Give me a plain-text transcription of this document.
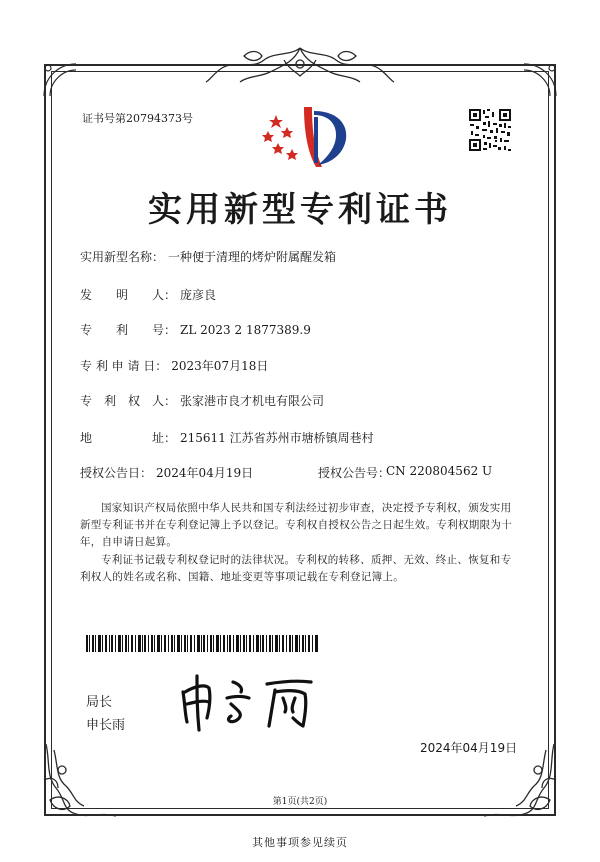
证书号第20794373号
实用新型专利证书
实用新型名称： 一种便于清理的烤炉附属醒发箱
发　　明　　人： 庞彦良
专　　利　　号： ZL 2023 2 1877389.9
专 利 申 请 日： 2023年07月18日
专　利　权　人： 张家港市良才机电有限公司
地　　　　　址： 215611 江苏省苏州市塘桥镇周巷村
授权公告日： 2024年04月19日	授权公告号：
CN 220804562 U
国家知识产权局依照中华人民共和国专利法经过初步审查，决定授予专利权，颁发实用新型专利证书并在专利登记簿上予以登记。专利权自授权公告之日起生效。专利权期限为十年，自申请日起算。
专利证书记载专利权登记时的法律状况。专利权的转移、质押、无效、终止、恢复和专利权人的姓名或名称、国籍、地址变更等事项记载在专利登记簿上。
局长
申长雨
2024年04月19日
第1页(共2页)
其他事项参见续页
